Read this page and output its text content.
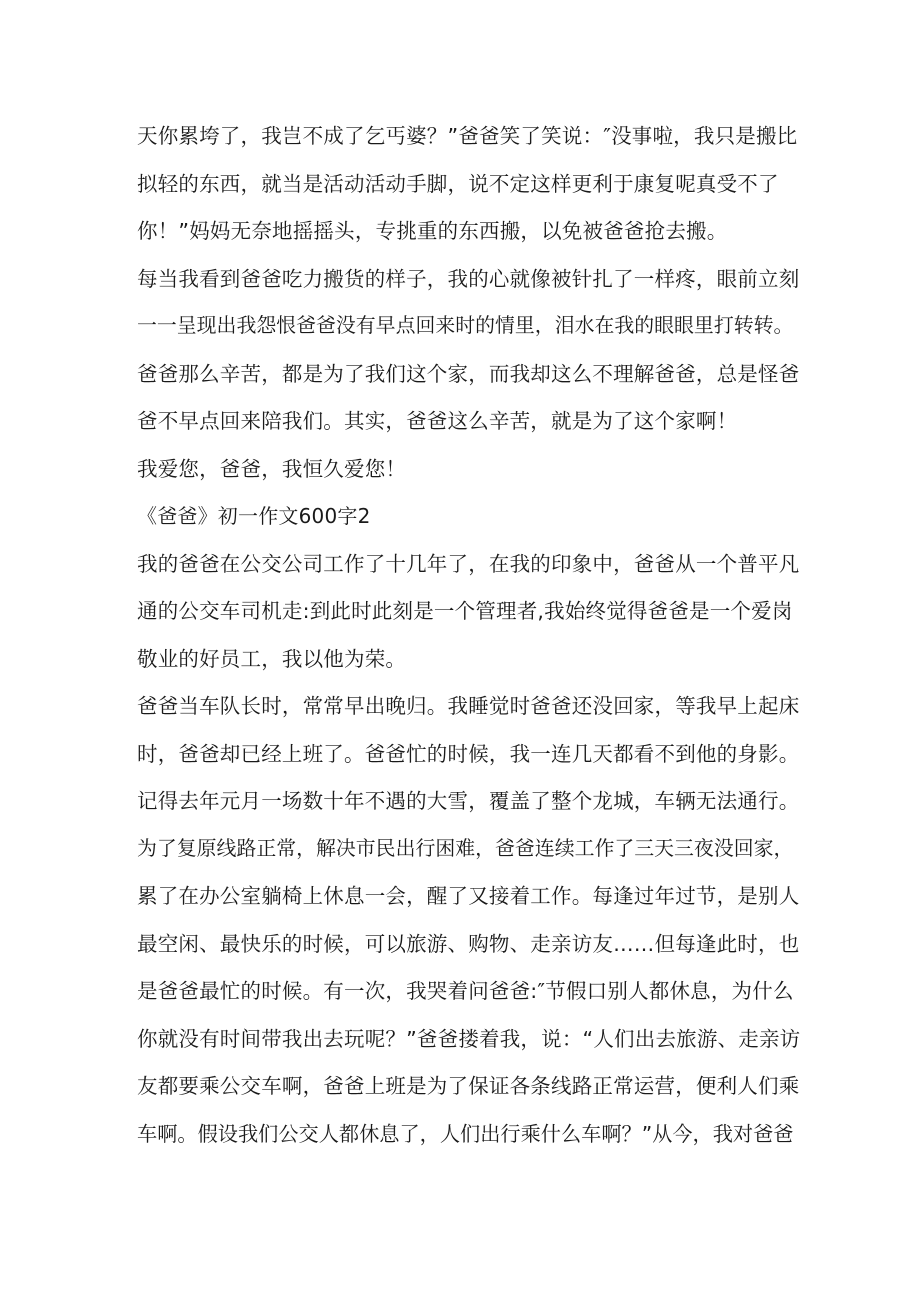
天你累垮了，我岂不成了乞丐婆？”爸爸笑了笑说：″没事啦，我只是搬比
拟轻的东西，就当是活动活动手脚，说不定这样更利于康复呢真受不了
你！”妈妈无奈地摇摇头，专挑重的东西搬，以免被爸爸抢去搬。
每当我看到爸爸吃力搬货的样子，我的心就像被针扎了一样疼，眼前立刻
一一呈现出我怨恨爸爸没有早点回来时的情里，泪水在我的眼眼里打转转。
爸爸那么辛苦，都是为了我们这个家，而我却这么不理解爸爸，总是怪爸
爸不早点回来陪我们。其实，爸爸这么辛苦，就是为了这个家啊！
我爱您，爸爸，我恒久爱您！
《爸爸》初一作文600字2
我的爸爸在公交公司工作了十几年了，在我的印象中，爸爸从一个普平凡
通的公交车司机走:到此时此刻是一个管理者,我始终觉得爸爸是一个爱岗
敬业的好员工，我以他为荣。
爸爸当车队长时，常常早出晚归。我睡觉时爸爸还没回家，等我早上起床
时，爸爸却已经上班了。爸爸忙的时候，我一连几天都看不到他的身影。
记得去年元月一场数十年不遇的大雪，覆盖了整个龙城，车辆无法通行。
为了复原线路正常，解决市民出行困难，爸爸连续工作了三天三夜没回家，
累了在办公室躺椅上休息一会，醒了又接着工作。每逢过年过节，是别人
最空闲、最快乐的时候，可以旅游、购物、走亲访友……但每逢此时，也
是爸爸最忙的时候。有一次，我哭着问爸爸:″节假口别人都休息，为什么
你就没有时间带我出去玩呢？”爸爸搂着我，说：“人们出去旅游、走亲访
友都要乘公交车啊，爸爸上班是为了保证各条线路正常运营，便利人们乘
车啊。假设我们公交人都休息了，人们出行乘什么车啊？”从今，我对爸爸
